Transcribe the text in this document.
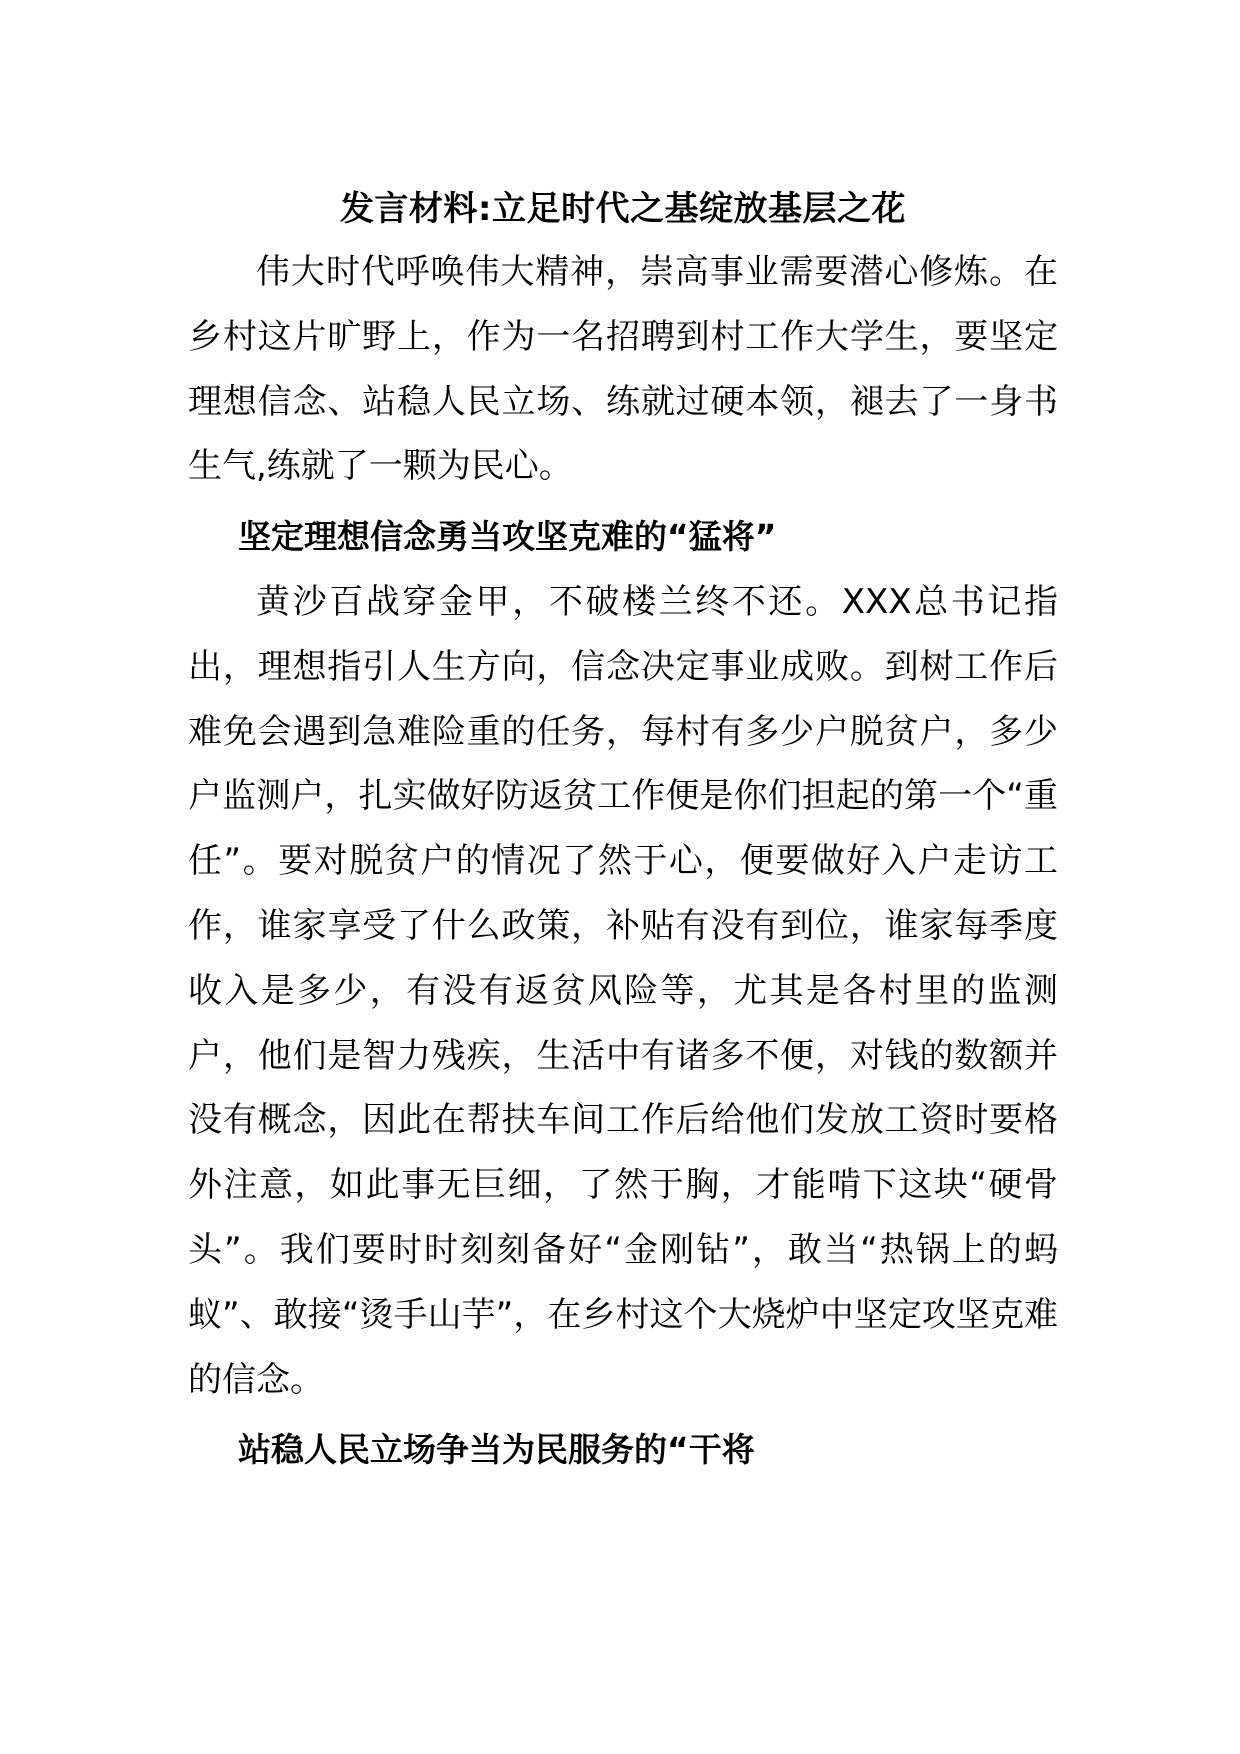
发言材料:立足时代之基绽放基层之花

伟大时代呼唤伟大精神，崇高事业需要潜心修炼。在乡村这片旷野上，作为一名招聘到村工作大学生，要坚定理想信念、站稳人民立场、练就过硬本领，褪去了一身书生气,练就了一颗为民心。

坚定理想信念勇当攻坚克难的“猛将”

黄沙百战穿金甲，不破楼兰终不还。XXX总书记指出，理想指引人生方向，信念决定事业成败。到树工作后难免会遇到急难险重的任务，每村有多少户脱贫户，多少户监测户，扎实做好防返贫工作便是你们担起的第一个“重任”。要对脱贫户的情况了然于心，便要做好入户走访工作，谁家享受了什么政策，补贴有没有到位，谁家每季度收入是多少，有没有返贫风险等，尤其是各村里的监测户，他们是智力残疾，生活中有诸多不便，对钱的数额并没有概念，因此在帮扶车间工作后给他们发放工资时要格外注意，如此事无巨细，了然于胸，才能啃下这块“硬骨头”。我们要时时刻刻备好“金刚钻”，敢当“热锅上的蚂蚁”、敢接“烫手山芋”，在乡村这个大烧炉中坚定攻坚克难的信念。

站稳人民立场争当为民服务的“干将
